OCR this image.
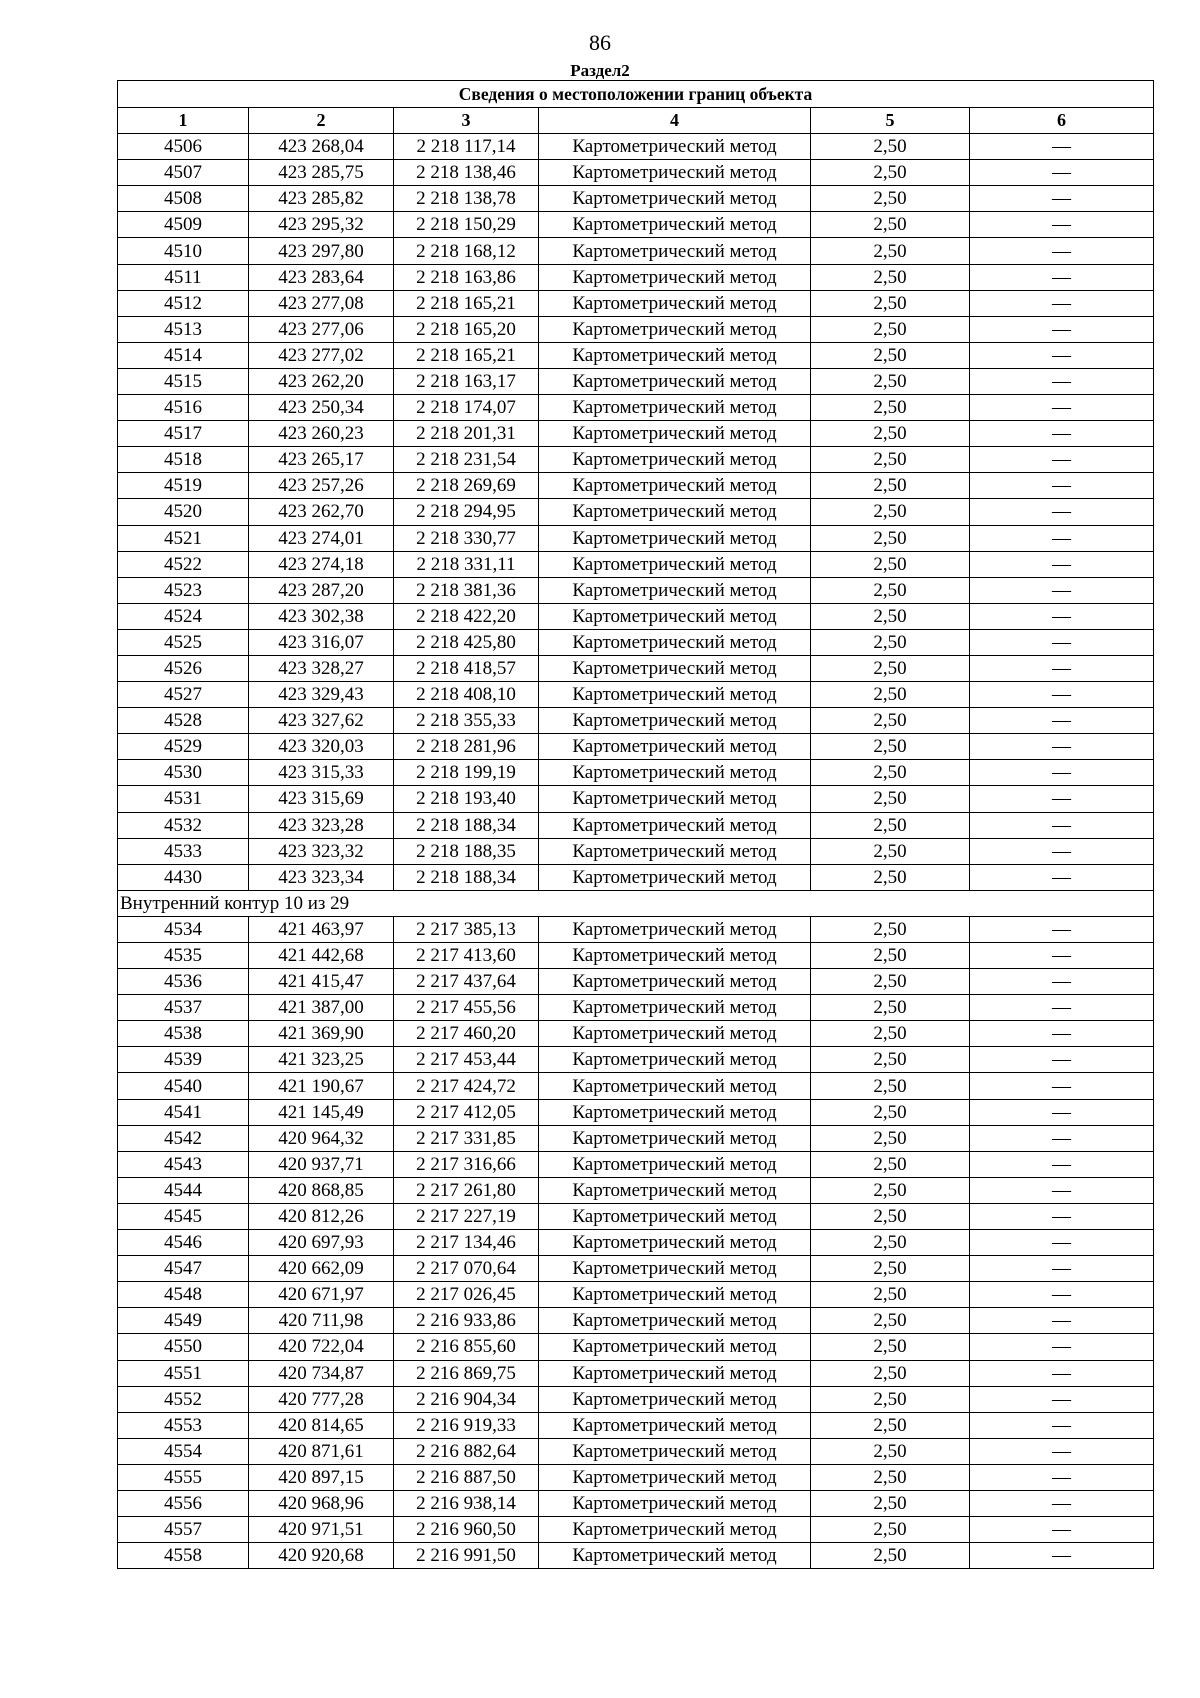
86
Раздел2
Сведения о местоположении границ объекта					
1	2	3	4	5	6
4506	423 268,04	2 218 117,14	Картометрический метод	2,50	—
4507	423 285,75	2 218 138,46	Картометрический метод	2,50	—
4508	423 285,82	2 218 138,78	Картометрический метод	2,50	—
4509	423 295,32	2 218 150,29	Картометрический метод	2,50	—
4510	423 297,80	2 218 168,12	Картометрический метод	2,50	—
4511	423 283,64	2 218 163,86	Картометрический метод	2,50	—
4512	423 277,08	2 218 165,21	Картометрический метод	2,50	—
4513	423 277,06	2 218 165,20	Картометрический метод	2,50	—
4514	423 277,02	2 218 165,21	Картометрический метод	2,50	—
4515	423 262,20	2 218 163,17	Картометрический метод	2,50	—
4516	423 250,34	2 218 174,07	Картометрический метод	2,50	—
4517	423 260,23	2 218 201,31	Картометрический метод	2,50	—
4518	423 265,17	2 218 231,54	Картометрический метод	2,50	—
4519	423 257,26	2 218 269,69	Картометрический метод	2,50	—
4520	423 262,70	2 218 294,95	Картометрический метод	2,50	—
4521	423 274,01	2 218 330,77	Картометрический метод	2,50	—
4522	423 274,18	2 218 331,11	Картометрический метод	2,50	—
4523	423 287,20	2 218 381,36	Картометрический метод	2,50	—
4524	423 302,38	2 218 422,20	Картометрический метод	2,50	—
4525	423 316,07	2 218 425,80	Картометрический метод	2,50	—
4526	423 328,27	2 218 418,57	Картометрический метод	2,50	—
4527	423 329,43	2 218 408,10	Картометрический метод	2,50	—
4528	423 327,62	2 218 355,33	Картометрический метод	2,50	—
4529	423 320,03	2 218 281,96	Картометрический метод	2,50	—
4530	423 315,33	2 218 199,19	Картометрический метод	2,50	—
4531	423 315,69	2 218 193,40	Картометрический метод	2,50	—
4532	423 323,28	2 218 188,34	Картометрический метод	2,50	—
4533	423 323,32	2 218 188,35	Картометрический метод	2,50	—
4430	423 323,34	2 218 188,34	Картометрический метод	2,50	—
Внутренний контур 10 из 29					
4534	421 463,97	2 217 385,13	Картометрический метод	2,50	—
4535	421 442,68	2 217 413,60	Картометрический метод	2,50	—
4536	421 415,47	2 217 437,64	Картометрический метод	2,50	—
4537	421 387,00	2 217 455,56	Картометрический метод	2,50	—
4538	421 369,90	2 217 460,20	Картометрический метод	2,50	—
4539	421 323,25	2 217 453,44	Картометрический метод	2,50	—
4540	421 190,67	2 217 424,72	Картометрический метод	2,50	—
4541	421 145,49	2 217 412,05	Картометрический метод	2,50	—
4542	420 964,32	2 217 331,85	Картометрический метод	2,50	—
4543	420 937,71	2 217 316,66	Картометрический метод	2,50	—
4544	420 868,85	2 217 261,80	Картометрический метод	2,50	—
4545	420 812,26	2 217 227,19	Картометрический метод	2,50	—
4546	420 697,93	2 217 134,46	Картометрический метод	2,50	—
4547	420 662,09	2 217 070,64	Картометрический метод	2,50	—
4548	420 671,97	2 217 026,45	Картометрический метод	2,50	—
4549	420 711,98	2 216 933,86	Картометрический метод	2,50	—
4550	420 722,04	2 216 855,60	Картометрический метод	2,50	—
4551	420 734,87	2 216 869,75	Картометрический метод	2,50	—
4552	420 777,28	2 216 904,34	Картометрический метод	2,50	—
4553	420 814,65	2 216 919,33	Картометрический метод	2,50	—
4554	420 871,61	2 216 882,64	Картометрический метод	2,50	—
4555	420 897,15	2 216 887,50	Картометрический метод	2,50	—
4556	420 968,96	2 216 938,14	Картометрический метод	2,50	—
4557	420 971,51	2 216 960,50	Картометрический метод	2,50	—
4558	420 920,68	2 216 991,50	Картометрический метод	2,50	—
